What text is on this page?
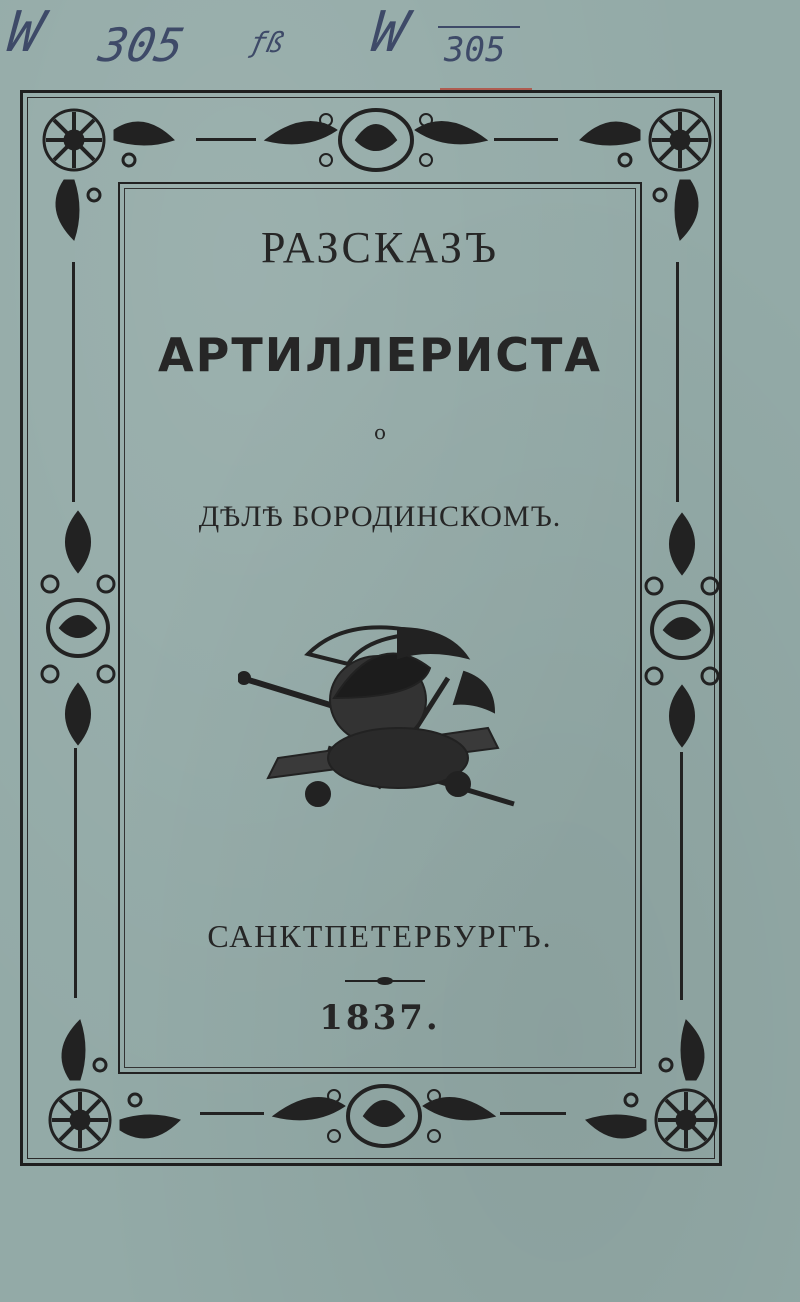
W 305 ƒß W 305
РАЗСКАЗЪ
АРТИЛЛЕРИСТА
о
ДѢЛѢ БОРОДИНСКОМЪ.
САНКТПЕТЕРБУРГЪ.
1837.
